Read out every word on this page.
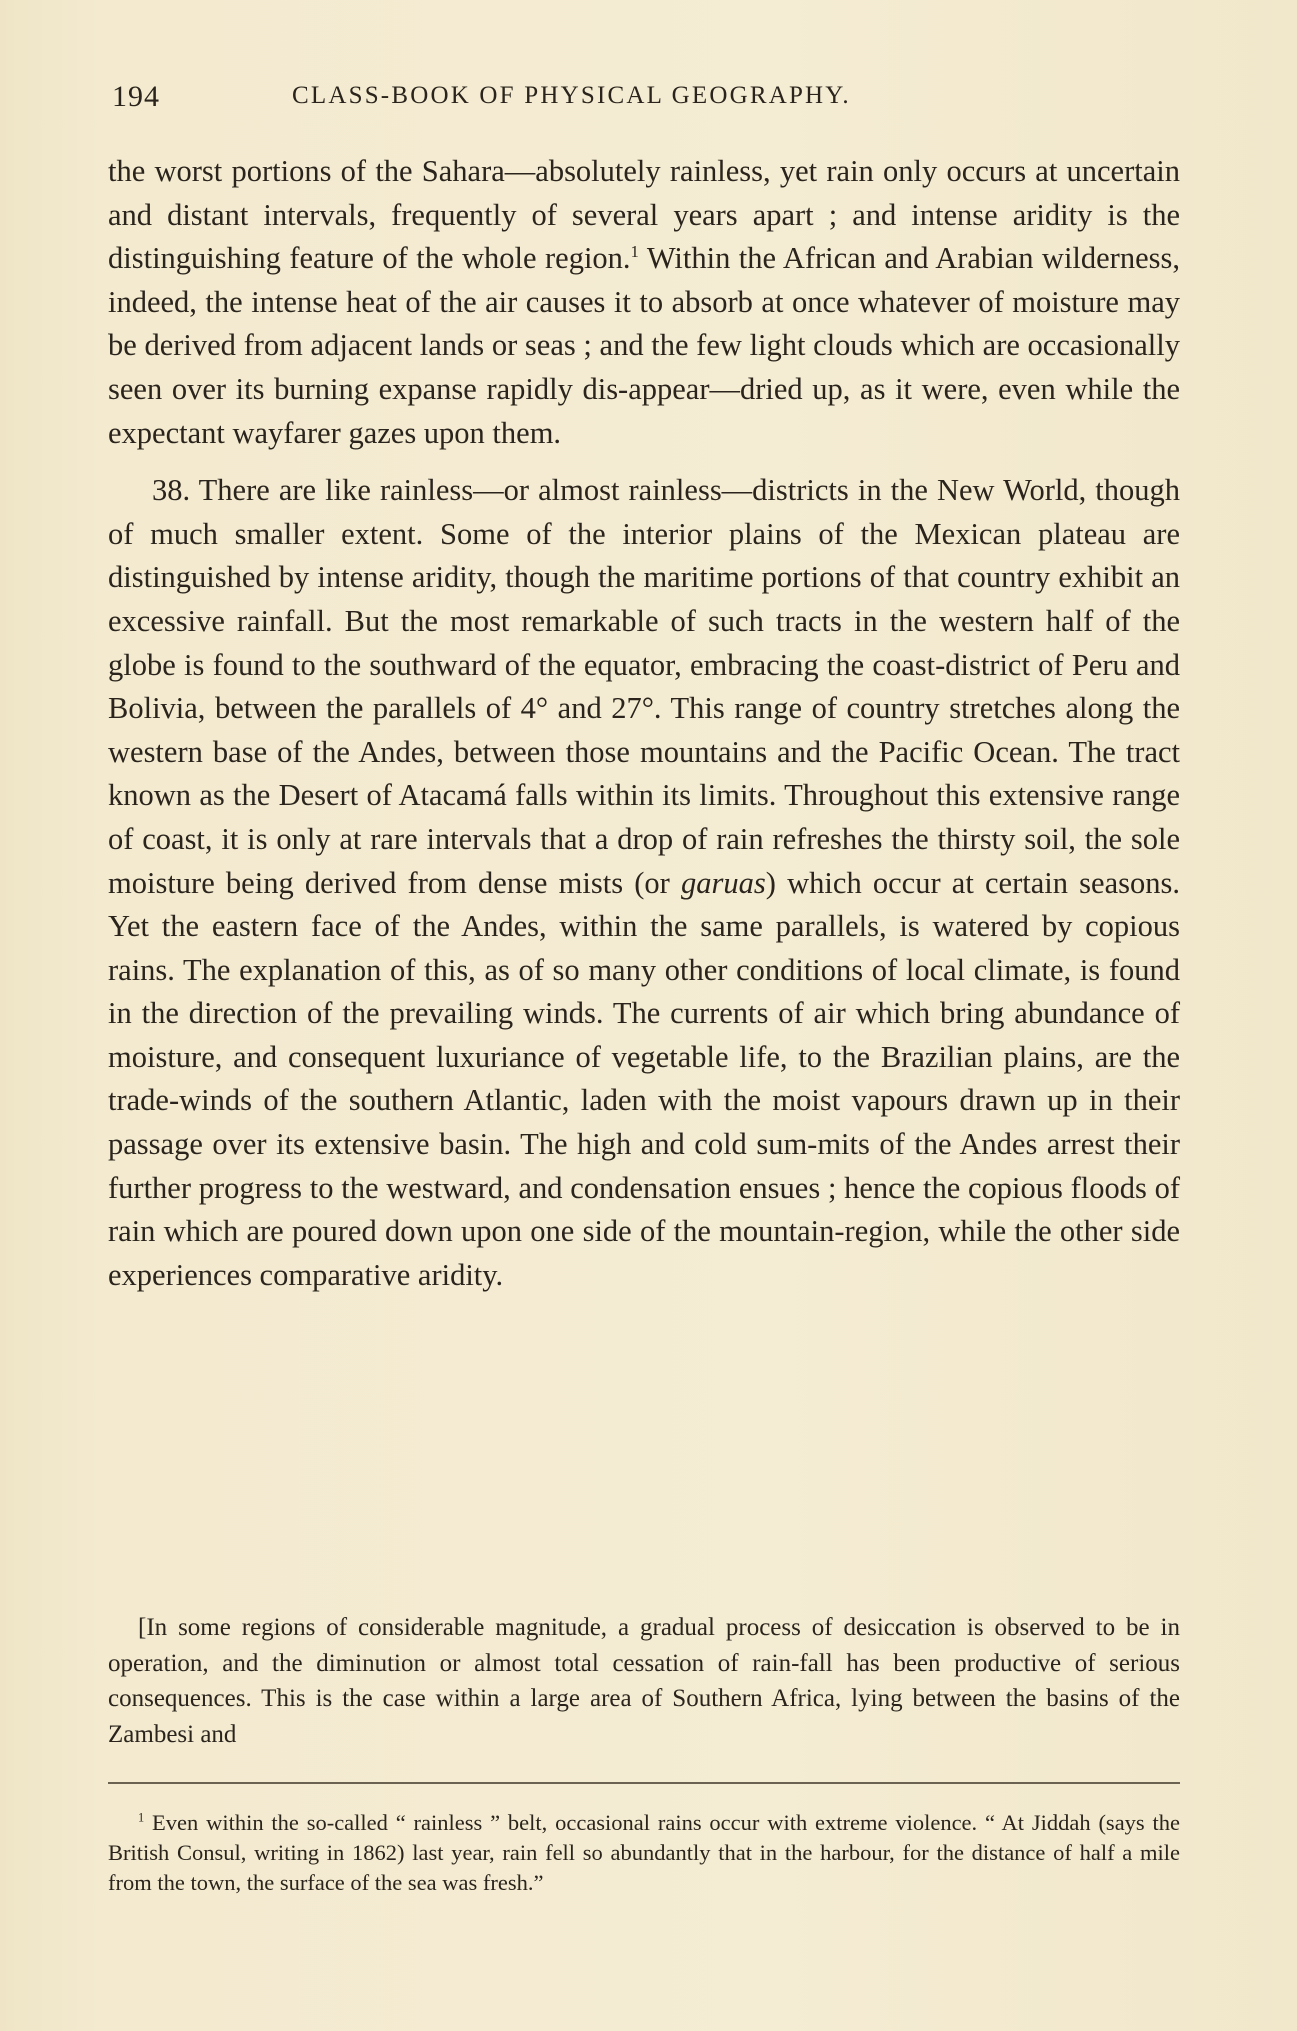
194	CLASS-BOOK OF PHYSICAL GEOGRAPHY.

the worst portions of the Sahara—absolutely rainless, yet rain only occurs at uncertain and distant intervals, frequently of several years apart ; and intense aridity is the distinguishing feature of the whole region.$^1$ Within the African and Arabian wilderness, indeed, the intense heat of the air causes it to absorb at once whatever of moisture may be derived from adjacent lands or seas ; and the few light clouds which are occasionally seen over its burning expanse rapidly dis-appear—dried up, as it were, even while the expectant wayfarer gazes upon them.

38. There are like rainless—or almost rainless—districts in the New World, though of much smaller extent. Some of the interior plains of the Mexican plateau are distinguished by intense aridity, though the maritime portions of that country exhibit an excessive rainfall. But the most remarkable of such tracts in the western half of the globe is found to the southward of the equator, embracing the coast-district of Peru and Bolivia, between the parallels of 4° and 27°. This range of country stretches along the western base of the Andes, between those mountains and the Pacific Ocean. The tract known as the Desert of Atacamá falls within its limits. Throughout this extensive range of coast, it is only at rare intervals that a drop of rain refreshes the thirsty soil, the sole moisture being derived from dense mists (or garuas) which occur at certain seasons. Yet the eastern face of the Andes, within the same parallels, is watered by copious rains. The explanation of this, as of so many other conditions of local climate, is found in the direction of the prevailing winds. The currents of air which bring abundance of moisture, and consequent luxuriance of vegetable life, to the Brazilian plains, are the trade-winds of the southern Atlantic, laden with the moist vapours drawn up in their passage over its extensive basin. The high and cold sum-mits of the Andes arrest their further progress to the westward, and condensation ensues ; hence the copious floods of rain which are poured down upon one side of the mountain-region, while the other side experiences comparative aridity.

[In some regions of considerable magnitude, a gradual process of desiccation is observed to be in operation, and the diminution or almost total cessation of rain-fall has been productive of serious consequences. This is the case within a large area of Southern Africa, lying between the basins of the Zambesi and
$^1$ Even within the so-called “ rainless ” belt, occasional rains occur with extreme violence. “ At Jiddah (says the British Consul, writing in 1862) last year, rain fell so abundantly that in the harbour, for the distance of half a mile from the town, the surface of the sea was fresh.”
